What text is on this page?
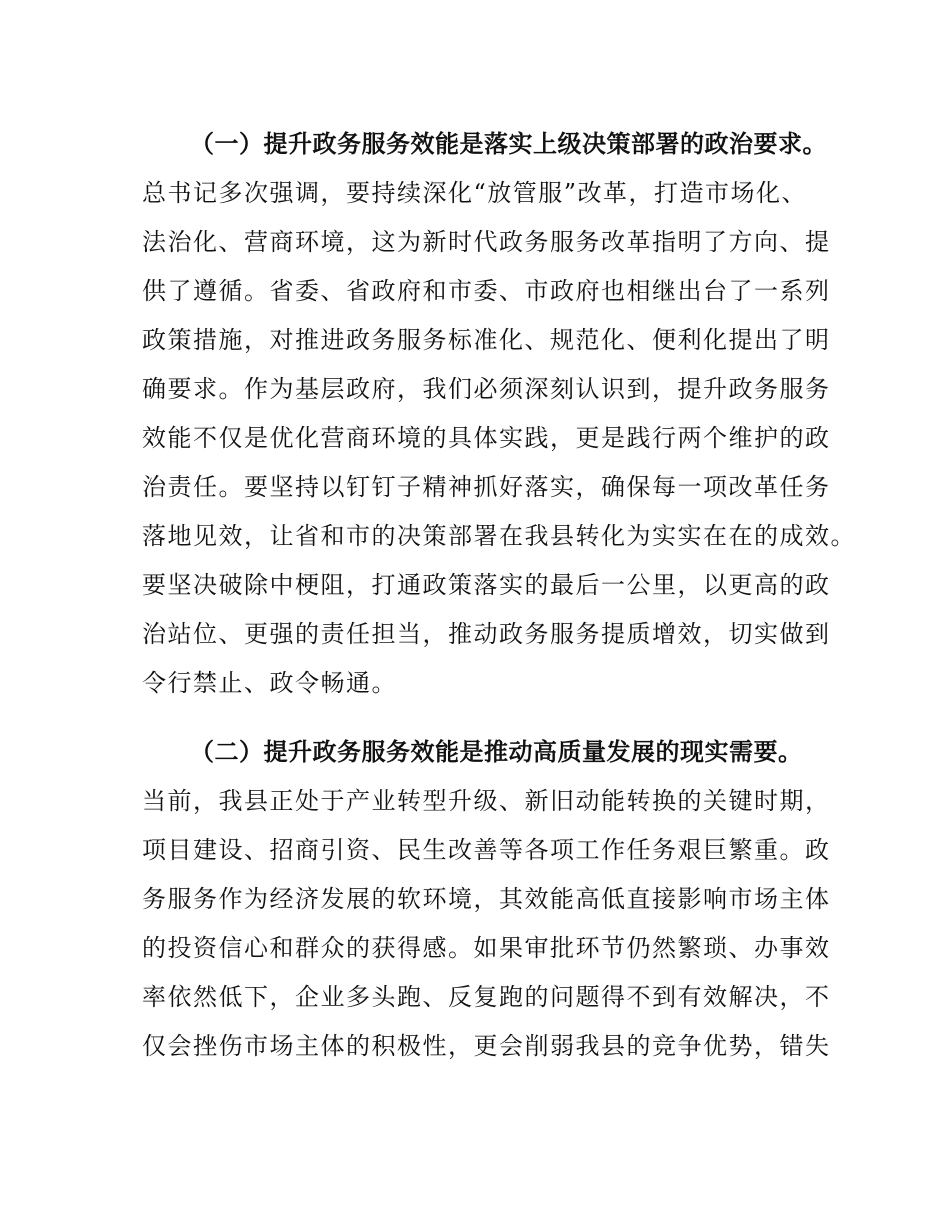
（一）提升政务服务效能是落实上级决策部署的政治要求。
总书记多次强调，要持续深化“放管服”改革，打造市场化、
法治化、营商环境，这为新时代政务服务改革指明了方向、提
供了遵循。省委、省政府和市委、市政府也相继出台了一系列
政策措施，对推进政务服务标准化、规范化、便利化提出了明
确要求。作为基层政府，我们必须深刻认识到，提升政务服务
效能不仅是优化营商环境的具体实践，更是践行两个维护的政
治责任。要坚持以钉钉子精神抓好落实，确保每一项改革任务
落地见效，让省和市的决策部署在我县转化为实实在在的成效。
要坚决破除中梗阻，打通政策落实的最后一公里，以更高的政
治站位、更强的责任担当，推动政务服务提质增效，切实做到
令行禁止、政令畅通。
（二）提升政务服务效能是推动高质量发展的现实需要。
当前，我县正处于产业转型升级、新旧动能转换的关键时期，
项目建设、招商引资、民生改善等各项工作任务艰巨繁重。政
务服务作为经济发展的软环境，其效能高低直接影响市场主体
的投资信心和群众的获得感。如果审批环节仍然繁琐、办事效
率依然低下，企业多头跑、反复跑的问题得不到有效解决，不
仅会挫伤市场主体的积极性，更会削弱我县的竞争优势，错失
